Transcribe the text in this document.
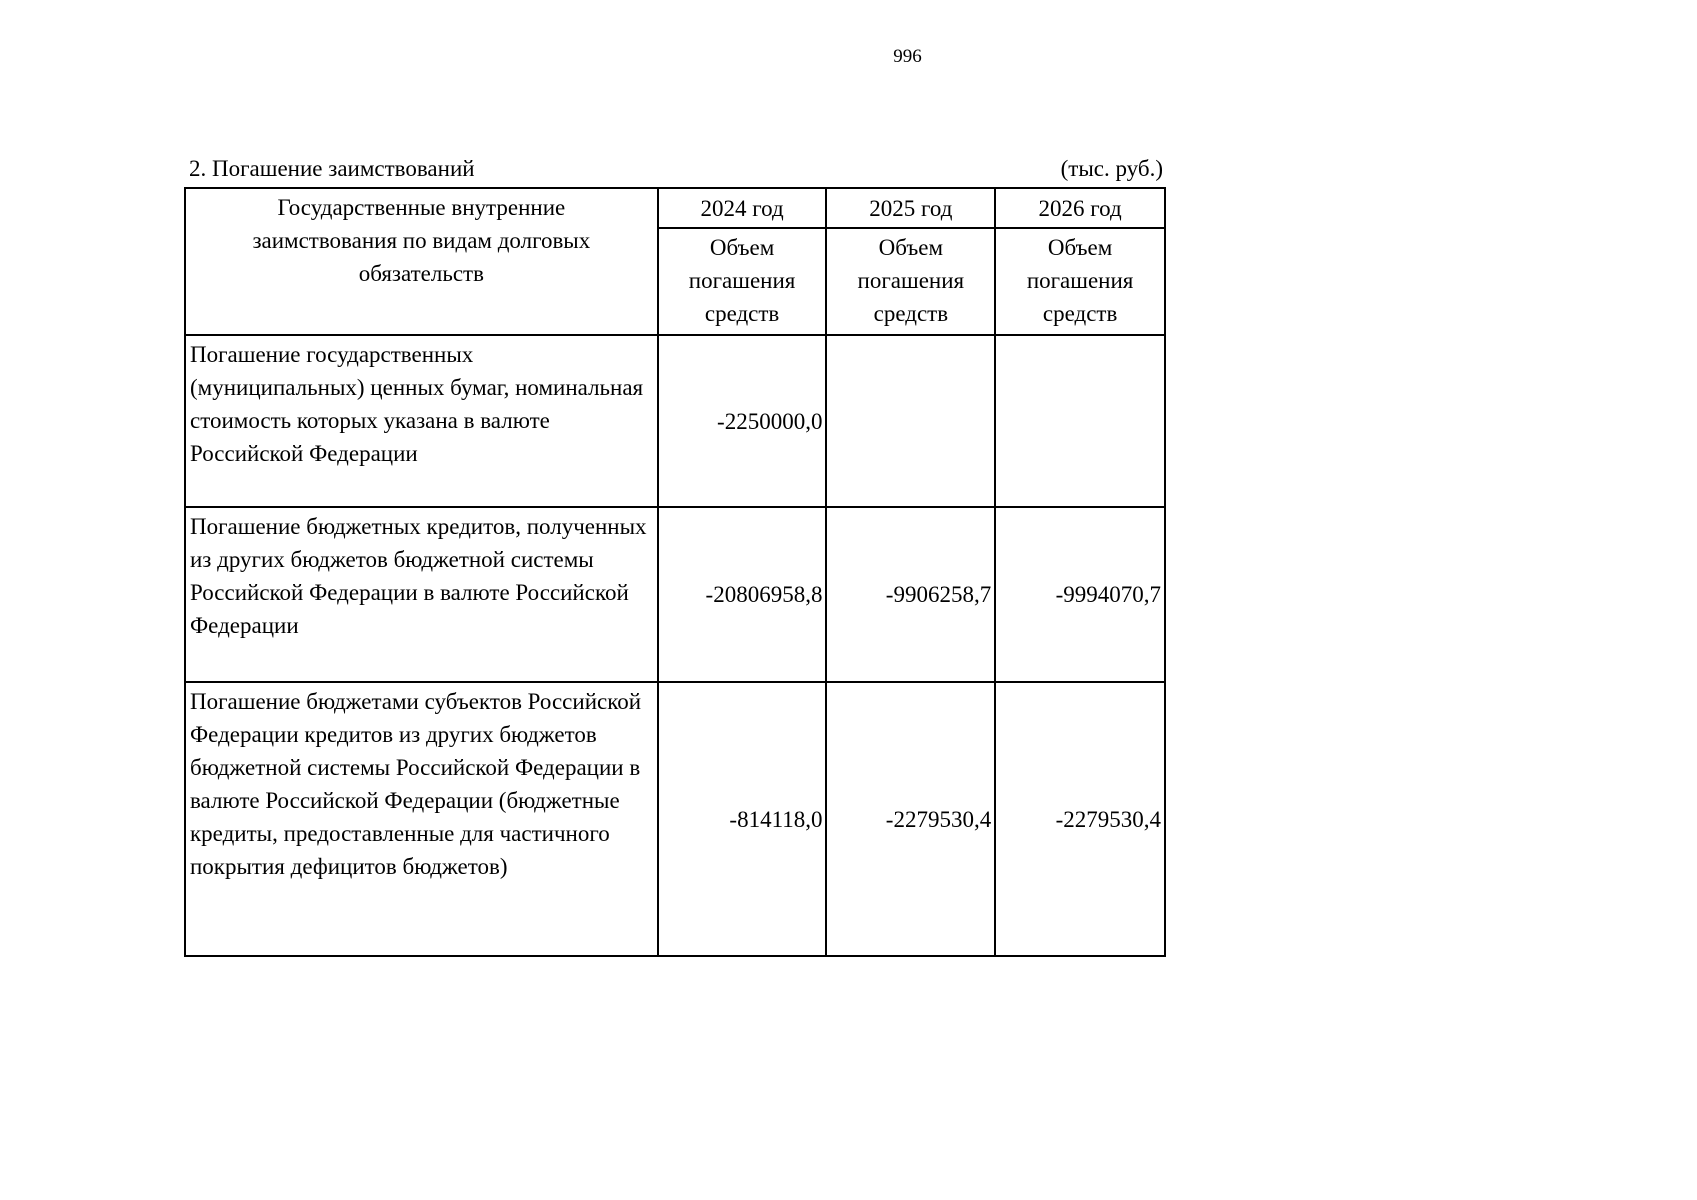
996
2. Погашение заимствований	(тыс. руб.)
Государственные внутренние заимствования по видам долговых обязательств	2024 год	2025 год	2026 год
	Объем погашения средств	Объем погашения средств	Объем погашения средств
Погашение государственных (муниципальных) ценных бумаг, номинальная стоимость которых указана в валюте Российской Федерации	-2250000,0		
Погашение бюджетных кредитов, полученных из других бюджетов бюджетной системы Российской Федерации в валюте Российской Федерации	-20806958,8	-9906258,7	-9994070,7
Погашение бюджетами субъектов Российской Федерации кредитов из других бюджетов бюджетной системы Российской Федерации в валюте Российской Федерации (бюджетные кредиты, предоставленные для частичного покрытия дефицитов бюджетов)	-814118,0	-2279530,4	-2279530,4
